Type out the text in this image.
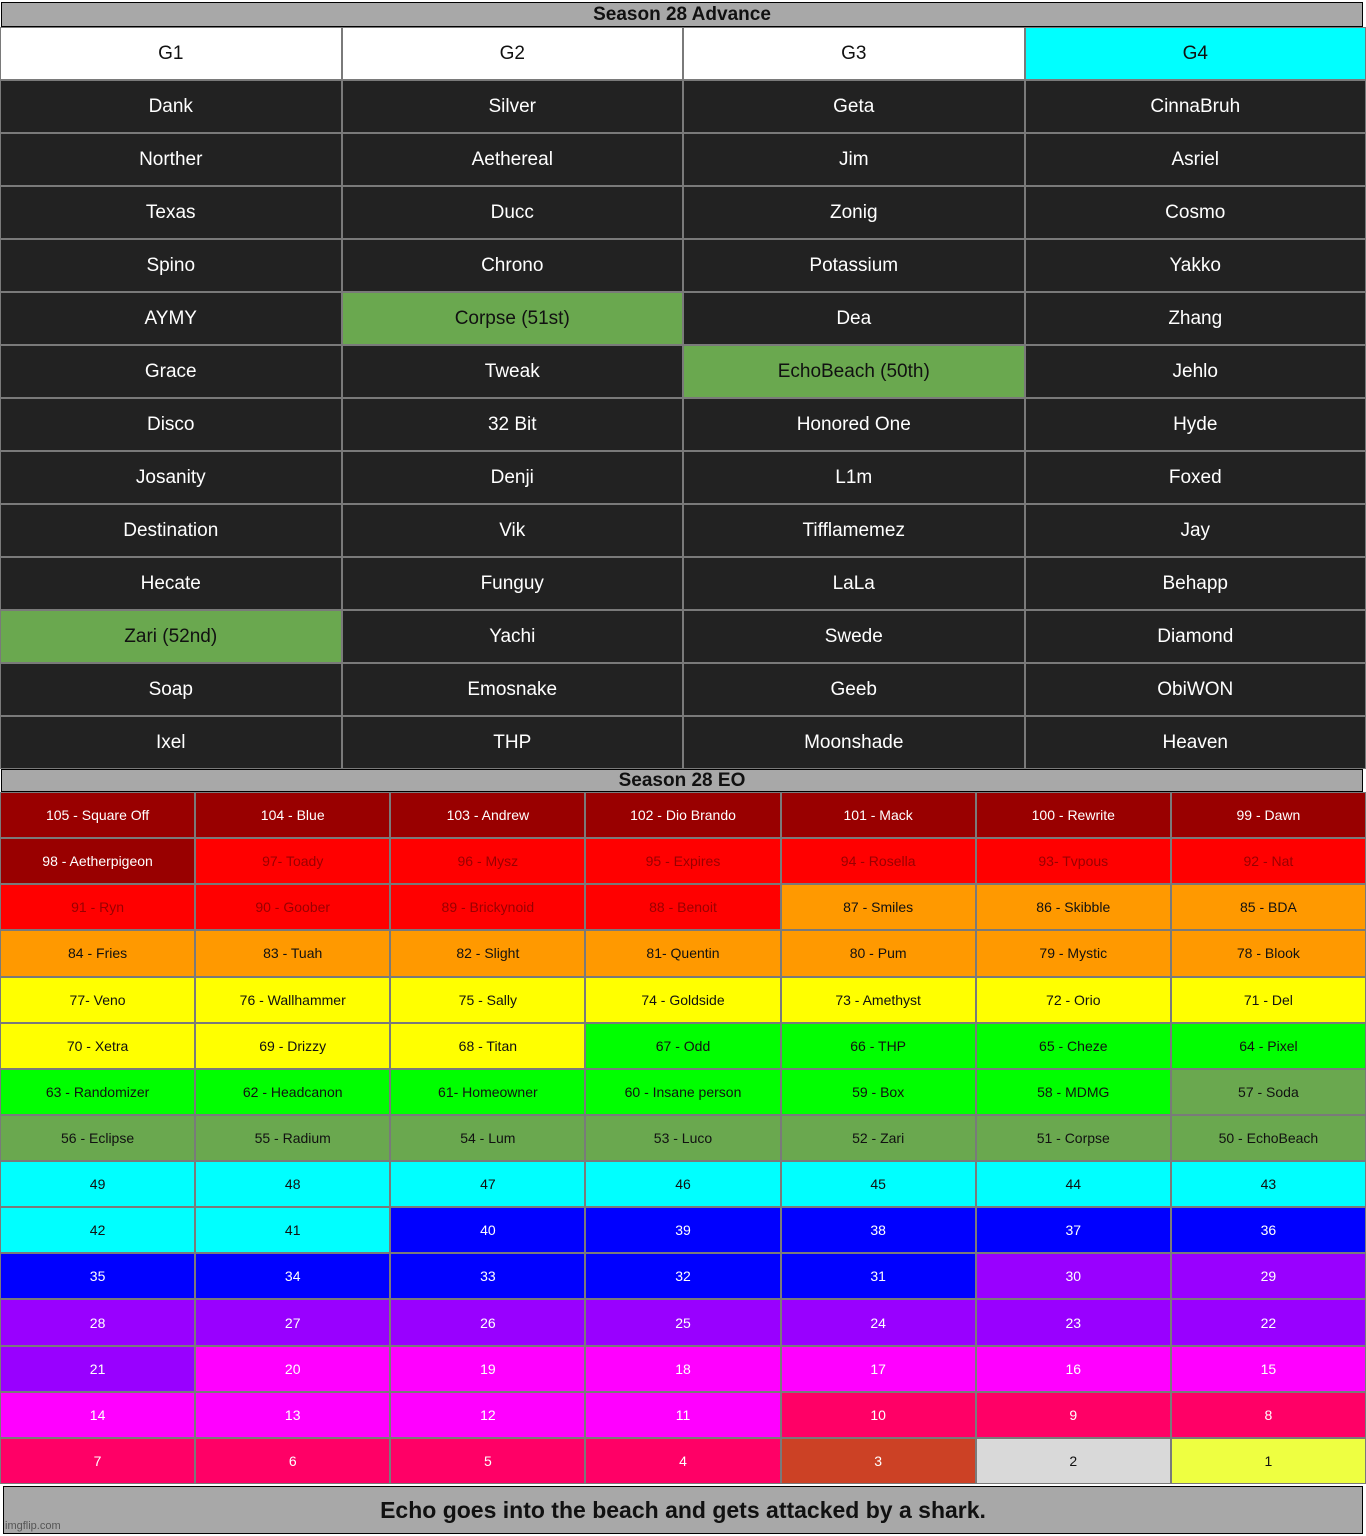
Season 28 Advance
G1	G2	G3	G4
Dank	Silver	Geta	CinnaBruh
Norther	Aethereal	Jim	Asriel
Texas	Ducc	Zonig	Cosmo
Spino	Chrono	Potassium	Yakko
AYMY	Corpse (51st)	Dea	Zhang
Grace	Tweak	EchoBeach (50th)	Jehlo
Disco	32 Bit	Honored One	Hyde
Josanity	Denji	L1m	Foxed
Destination	Vik	Tifflamemez	Jay
Hecate	Funguy	LaLa	Behapp
Zari (52nd)	Yachi	Swede	Diamond
Soap	Emosnake	Geeb	ObiWON
Ixel	THP	Moonshade	Heaven
Season 28 EO
105 - Square Off	104 - Blue	103 - Andrew	102 - Dio Brando	101 - Mack	100 - Rewrite	99 - Dawn
98 - Aetherpigeon	97- Toady	96 - Mysz	95 - Expires	94 - Rosella	93- Tvpous	92 - Nat
91 - Ryn	90 - Goober	89 - Brickynoid	88 - Benoit	87 - Smiles	86 - Skibble	85 - BDA
84 - Fries	83 - Tuah	82 - Slight	81- Quentin	80 - Pum	79 - Mystic	78 - Blook
77- Veno	76 - Wallhammer	75 - Sally	74 - Goldside	73 - Amethyst	72 - Orio	71 - Del
70 - Xetra	69 - Drizzy	68 - Titan	67 - Odd	66 - THP	65 - Cheze	64 - Pixel
63 - Randomizer	62 - Headcanon	61- Homeowner	60 - Insane person	59 - Box	58 - MDMG	57 - Soda
56 - Eclipse	55 - Radium	54 - Lum	53 - Luco	52 - Zari	51 - Corpse	50 - EchoBeach
49	48	47	46	45	44	43
42	41	40	39	38	37	36
35	34	33	32	31	30	29
28	27	26	25	24	23	22
21	20	19	18	17	16	15
14	13	12	11	10	9	8
7	6	5	4	3	2	1
Echo goes into the beach and gets attacked by a shark.
imgflip.com
